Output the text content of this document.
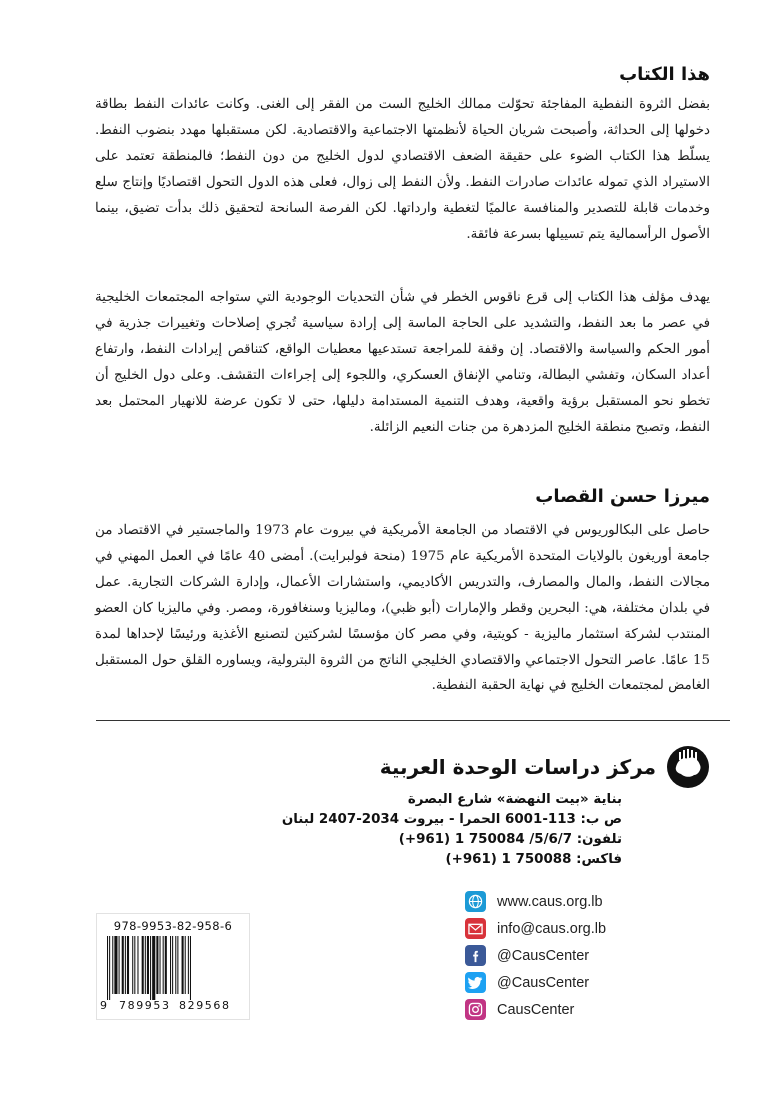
هذا الكتاب

بفضل الثروة النفطية المفاجئة تحوّلت ممالك الخليج الست من الفقر إلى الغنى. وكانت عائدات النفط بطاقة دخولها إلى الحداثة، وأصبحت شريان الحياة لأنظمتها الاجتماعية والاقتصادية. لكن مستقبلها مهدد بنضوب النفط. يسلّط هذا الكتاب الضوء على حقيقة الضعف الاقتصادي لدول الخليج من دون النفط؛ فالمنطقة تعتمد على الاستيراد الذي تموله عائدات صادرات النفط. ولأن النفط إلى زوال، فعلى هذه الدول التحول اقتصاديًا وإنتاج سلع وخدمات قابلة للتصدير والمنافسة عالميًا لتغطية وارداتها. لكن الفرصة السانحة لتحقيق ذلك بدأت تضيق، بينما الأصول الرأسمالية يتم تسييلها بسرعة فائقة.

يهدف مؤلف هذا الكتاب إلى قرع ناقوس الخطر في شأن التحديات الوجودية التي ستواجه المجتمعات الخليجية في عصر ما بعد النفط، والتشديد على الحاجة الماسة إلى إرادة سياسية تُجري إصلاحات وتغييرات جذرية في أمور الحكم والسياسة والاقتصاد. إن وقفة للمراجعة تستدعيها معطيات الواقع، كتناقص إيرادات النفط، وارتفاع أعداد السكان، وتفشي البطالة، وتنامي الإنفاق العسكري، واللجوء إلى إجراءات التقشف. وعلى دول الخليج أن تخطو نحو المستقبل برؤية واقعية، وهدف التنمية المستدامة دليلها، حتى لا تكون عرضة للانهيار المحتمل بعد النفط، وتصبح منطقة الخليج المزدهرة من جنات النعيم الزائلة.

ميرزا حسن القصاب

حاصل على البكالوريوس في الاقتصاد من الجامعة الأمريكية في بيروت عام 1973 والماجستير في الاقتصاد من جامعة أوريغون بالولايات المتحدة الأمريكية عام 1975 (منحة فولبرايت). أمضى 40 عامًا في العمل المهني في مجالات النفط، والمال والمصارف، والتدريس الأكاديمي، واستشارات الأعمال، وإدارة الشركات التجارية. عمل في بلدان مختلفة، هي: البحرين وقطر والإمارات (أبو ظبي)، وماليزيا وسنغافورة، ومصر. وفي ماليزيا كان العضو المنتدب لشركة استثمار ماليزية - كويتية، وفي مصر كان مؤسسًا لشركتين لتصنيع الأغذية ورئيسًا لإحداها لمدة 15 عامًا. عاصر التحول الاجتماعي والاقتصادي الخليجي الناتج من الثروة البترولية، ويساوره القلق حول المستقبل الغامض لمجتمعات الخليج في نهاية الحقبة النفطية.

مركز دراسات الوحدة العربية
بناية «بيت النهضة» شارع البصرة
ص ب: 113-6001 الحمرا - بيروت 2034-2407 لبنان
تلفون: (+961) 1 750084 /5/6/7
فاكس: (+961) 1 750088
www.caus.org.lb
info@caus.org.lb
@CausCenter
@CausCenter
CausCenter
978-9953-82-958-6
9 789953 829568
